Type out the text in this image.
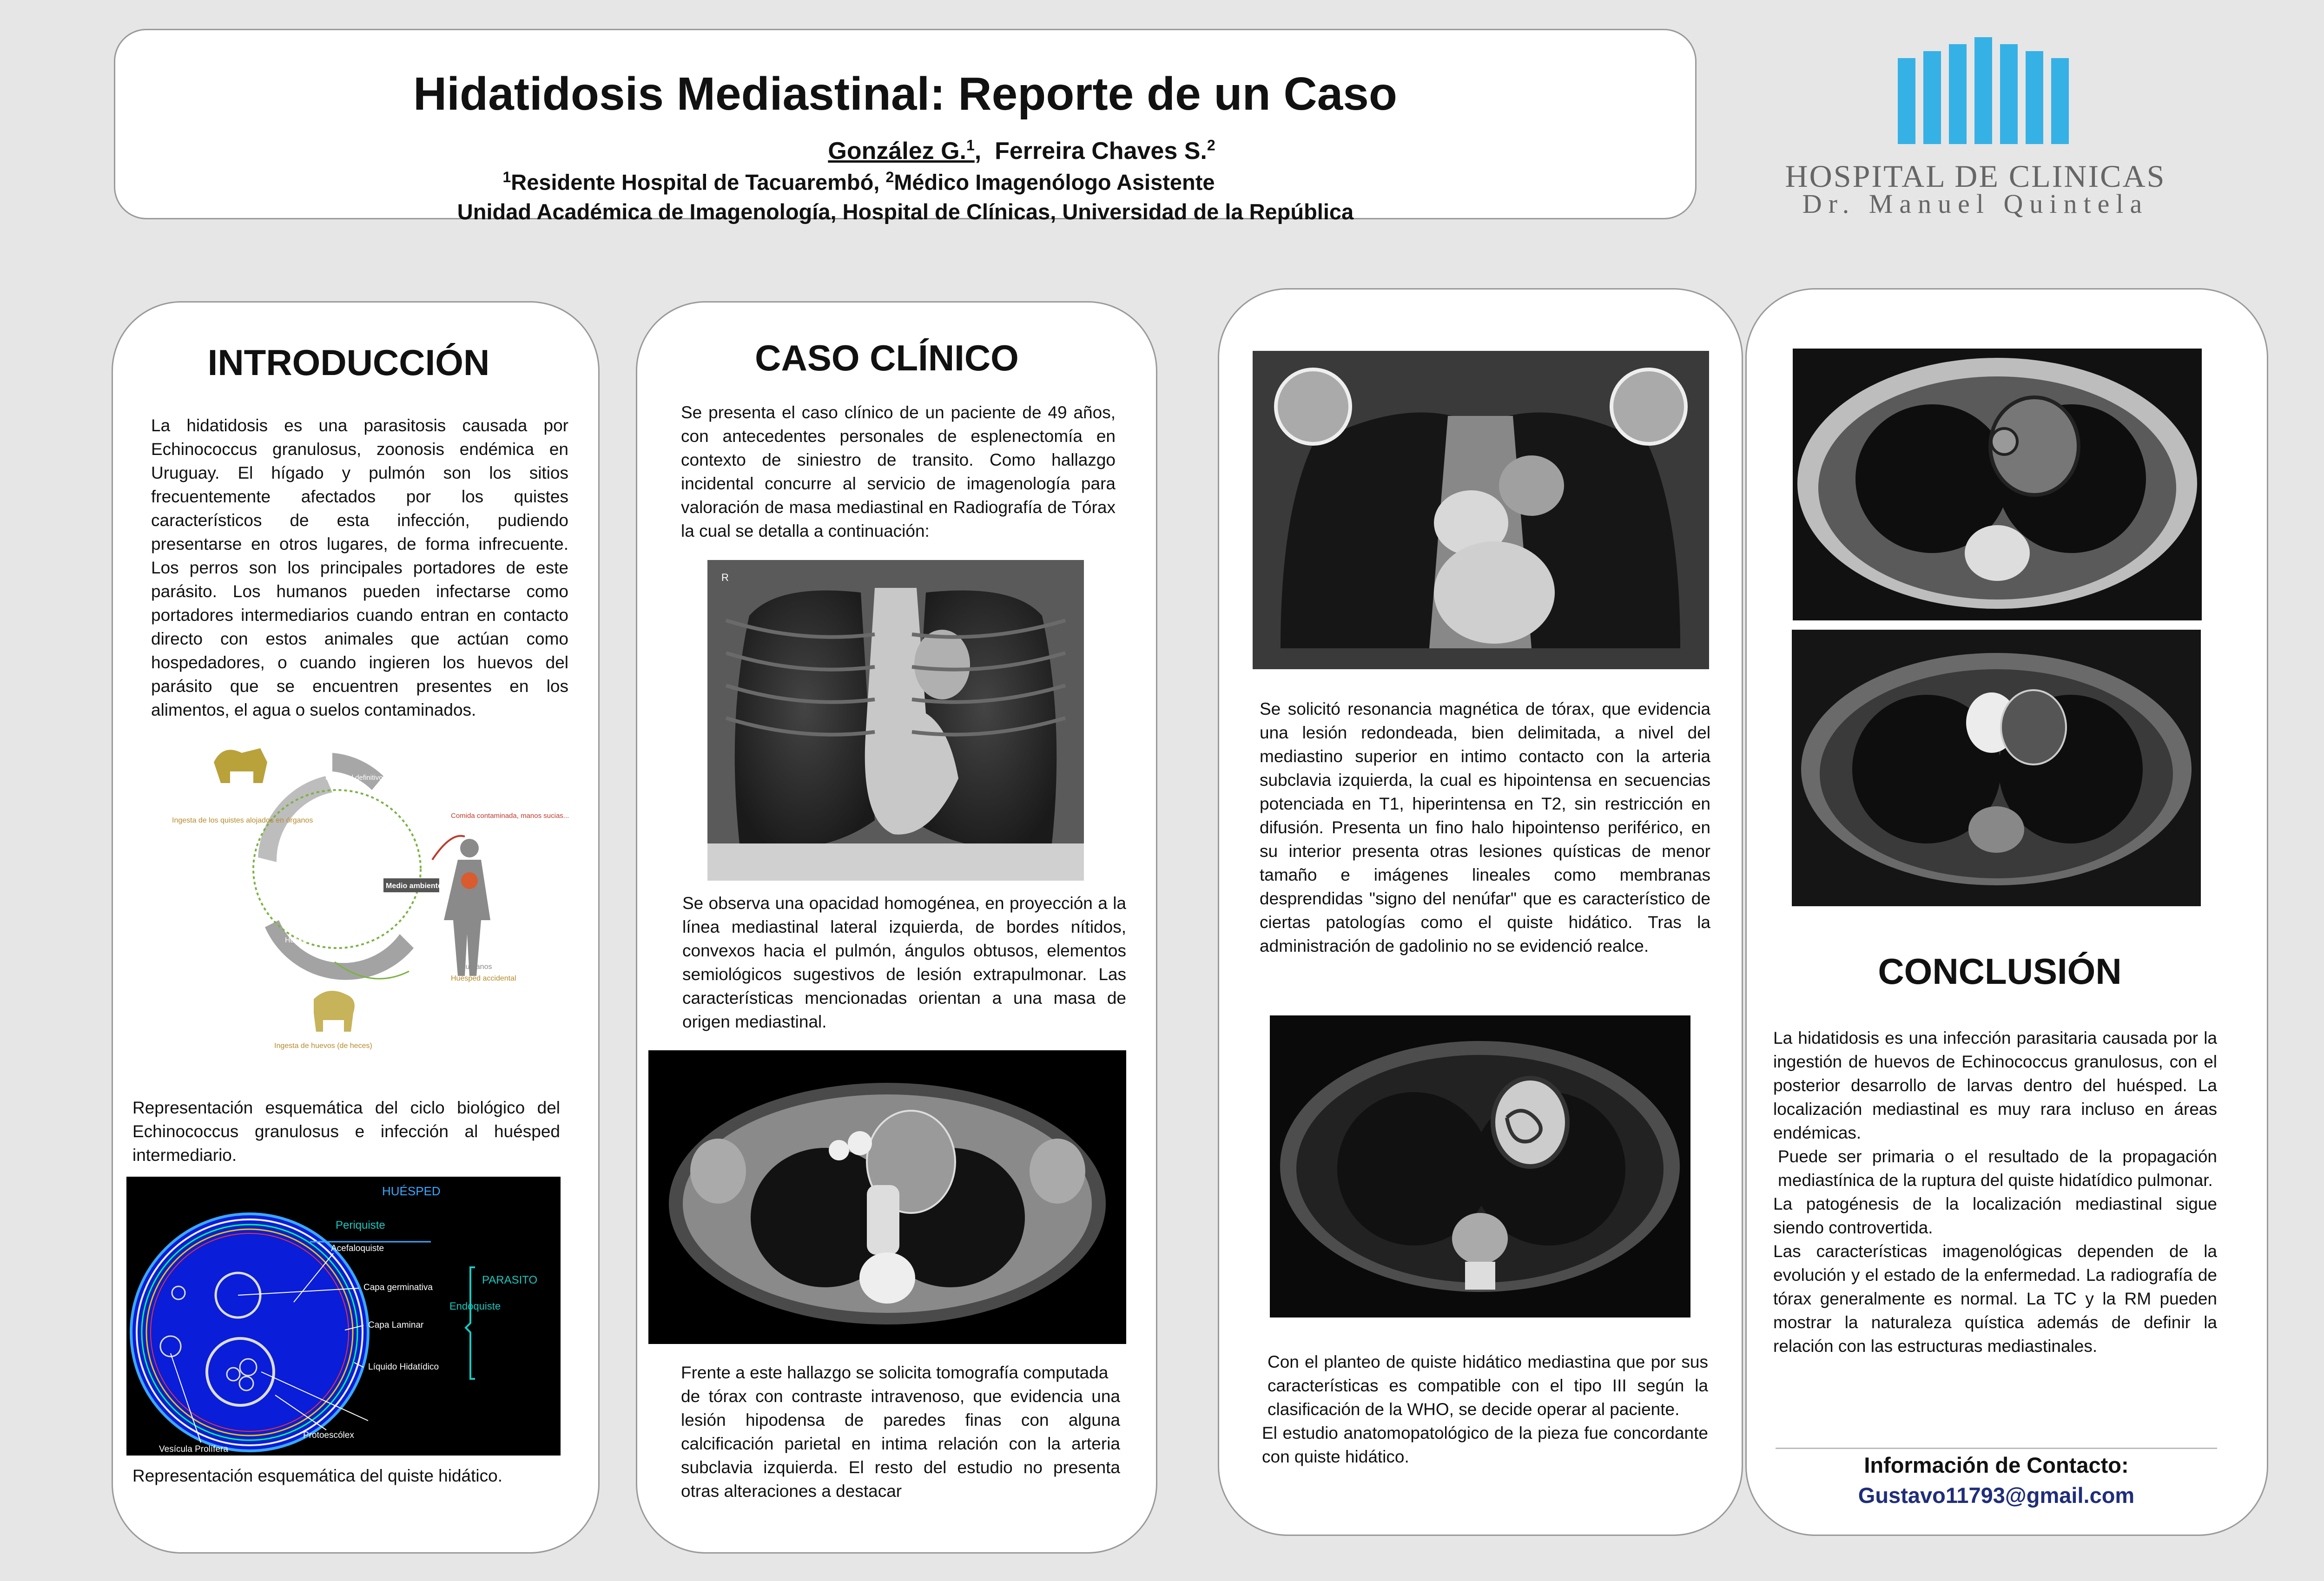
Hidatidosis Mediastinal: Reporte de un Caso
González G.$^1$,  Ferreira Chaves S.$^2$
$^1$Residente Hospital de Tacuarembó, $^2$Médico Imagenólogo Asistente
Unidad Académica de Imagenología, Hospital de Clínicas, Universidad de la República
HOSPITAL DE CLINICAS
Dr. Manuel Quintela
INTRODUCCIÓN
La hidatidosis es una parasitosis causada por Echinococcus granulosus, zoonosis endémica en Uruguay. El hígado y pulmón son los sitios frecuentemente afectados por los quistes característicos de esta infección, pudiendo presentarse en otros lugares, de forma infrecuente. Los perros son los principales portadores de este parásito. Los humanos pueden infectarse como portadores intermediarios cuando entran en contacto directo con estos animales que actúan como hospedadores, o cuando ingieren los huevos del parásito que se encuentren presentes en los alimentos, el agua o suelos contaminados.
Ingesta de los quistes alojados en órganos
Huésped definitivo
Huésped intermedio
Medio ambiente
Comida contaminada, manos sucias...
Humanos
Huésped accidental
Ingesta de huevos (de heces)
Representación esquemática del ciclo biológico del Echinococcus granulosus e infección al huésped intermediario.
HUÉSPED
Periquiste
PARASITO
Acefaloquiste
Capa germinativa
Endoquiste
Capa Laminar
Líquido Hidatídico
Protoescólex
Vesícula Prolífera
Representación esquemática del quiste hidático.
CASO CLÍNICO
Se presenta el caso clínico de un paciente de 49 años, con antecedentes personales de esplenectomía en contexto de siniestro de transito. Como hallazgo incidental concurre al servicio de imagenología para valoración de masa mediastinal en Radiografía de Tórax la cual se detalla a continuación:
R
Se observa una opacidad homogénea, en proyección a la línea mediastinal lateral izquierda, de bordes nítidos, convexos hacia el pulmón, ángulos obtusos, elementos semiológicos sugestivos de lesión extrapulmonar. Las características mencionadas orientan a una masa de origen mediastinal.

Frente a este hallazgo se solicita tomografía computada

de tórax con contraste intravenoso, que evidencia una lesión hipodensa de paredes finas con alguna calcificación parietal en intima relación con la arteria subclavia izquierda. El resto del estudio no presenta otras alteraciones a destacar

Se solicitó resonancia magnética de tórax, que evidencia una lesión redondeada, bien delimitada, a nivel del mediastino superior en intimo contacto con la arteria subclavia izquierda, la cual es hipointensa en secuencias potenciada en T1, hiperintensa en T2, sin restricción en difusión. Presenta un fino halo hipointenso periférico, en su interior presenta otras lesiones quísticas de menor tamaño e imágenes lineales como membranas desprendidas "signo del nenúfar" que es característico de ciertas patologías como el quiste hidático. Tras la administración de gadolinio no se evidenció realce.

Con el planteo de quiste hidático mediastina que por sus características es compatible con el tipo III según la clasificación de la WHO, se decide operar al paciente.

El estudio anatomopatológico de la pieza fue concordante con quiste hidático.

CONCLUSIÓN

La hidatidosis es una infección parasitaria causada por la ingestión de huevos de Echinococcus granulosus, con el posterior desarrollo de larvas dentro del huésped. La localización mediastinal es muy rara incluso en áreas endémicas.

Puede ser primaria o el resultado de la propagación mediastínica de la ruptura del quiste hidatídico pulmonar.

La patogénesis de la localización mediastinal sigue siendo controvertida.

Las características imagenológicas dependen de la evolución y el estado de la enfermedad. La radiografía de tórax generalmente es normal. La TC y la RM pueden mostrar la naturaleza quística además de definir la relación con las estructuras mediastinales.

Información de Contacto:
Gustavo11793@gmail.com
